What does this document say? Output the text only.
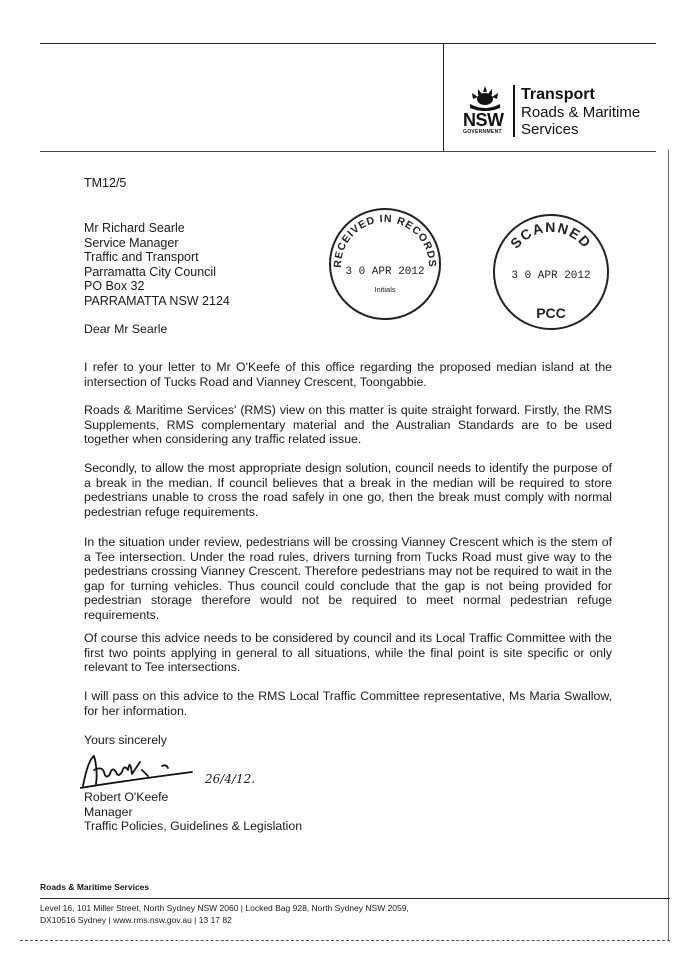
NSW
GOVERNMENT
Transport
Roads & Maritime
Services
TM12/5
Mr Richard Searle
Service Manager
Traffic and Transport
Parramatta City Council
PO Box 32
PARRAMATTA NSW 2124
RECEIVED IN RECORDS
3 0 APR 2012
Initials
SCANNED
3 0 APR 2012
PCC
Dear Mr Searle
I refer to your letter to Mr O'Keefe of this office regarding the proposed median island at the intersection of Tucks Road and Vianney Crescent, Toongabbie.
Roads & Maritime Services' (RMS) view on this matter is quite straight forward. Firstly, the RMS Supplements, RMS complementary material and the Australian Standards are to be used together when considering any traffic related issue.
Secondly, to allow the most appropriate design solution, council needs to identify the purpose of a break in the median. If council believes that a break in the median will be required to store pedestrians unable to cross the road safely in one go, then the break must comply with normal pedestrian refuge requirements.
In the situation under review, pedestrians will be crossing Vianney Crescent which is the stem of a Tee intersection. Under the road rules, drivers turning from Tucks Road must give way to the pedestrians crossing Vianney Crescent. Therefore pedestrians may not be required to wait in the gap for turning vehicles. Thus council could conclude that the gap is not being provided for pedestrian storage therefore would not be required to meet normal pedestrian refuge requirements.
Of course this advice needs to be considered by council and its Local Traffic Committee with the first two points applying in general to all situations, while the final point is site specific or only relevant to Tee intersections.
I will pass on this advice to the RMS Local Traffic Committee representative, Ms Maria Swallow, for her information.
Yours sincerely
26/4/12.
Robert O'Keefe
Manager
Traffic Policies, Guidelines & Legislation
Roads & Maritime Services
Level 16, 101 Miller Street, North Sydney NSW 2060 | Locked Bag 928, North Sydney NSW 2059,
DX10516 Sydney | www.rms.nsw.gov.au | 13 17 82
